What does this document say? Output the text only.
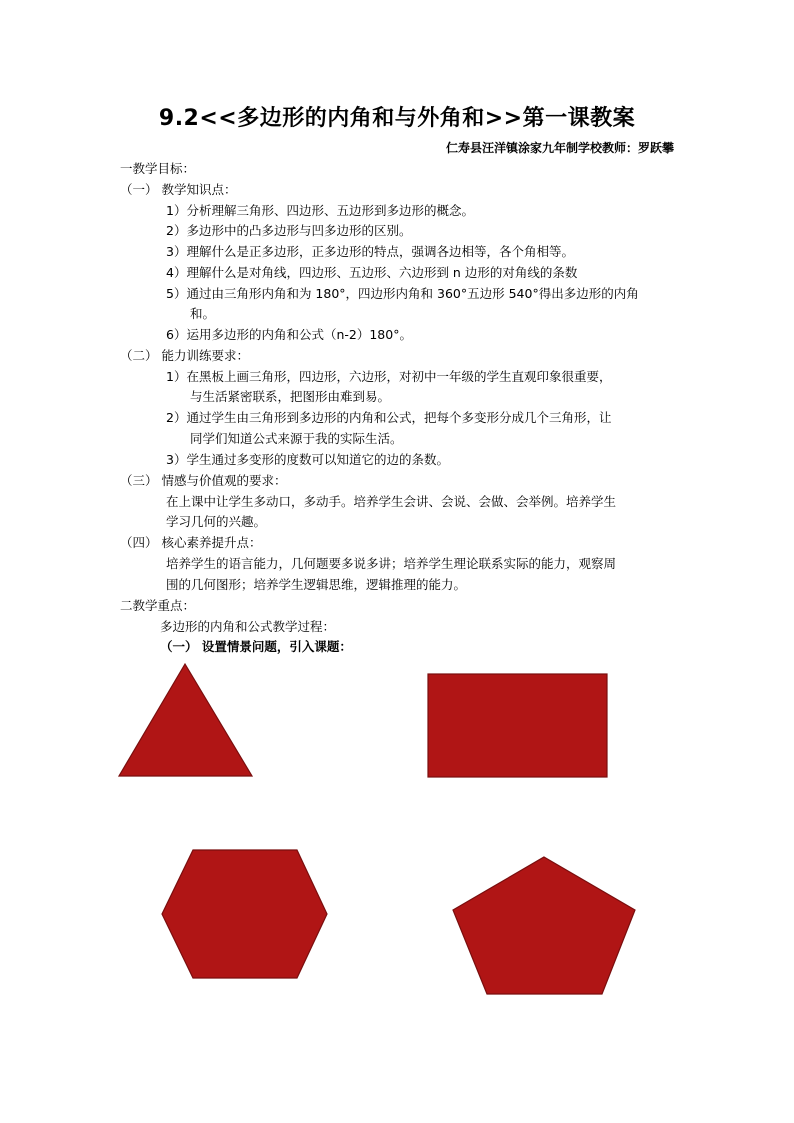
9.2<<多边形的内角和与外角和>>第一课教案
仁寿县汪洋镇涂家九年制学校教师：罗跃攀
一教学目标：
（一） 教学知识点：
1）分析理解三角形、四边形、五边形到多边形的概念。
2）多边形中的凸多边形与凹多边形的区别。
3）理解什么是正多边形，正多边形的特点，强调各边相等，各个角相等。
4）理解什么是对角线，四边形、五边形、六边形到 n 边形的对角线的条数
5）通过由三角形内角和为 180°，四边形内角和 360°五边形 540°得出多边形的内角
和。
6）运用多边形的内角和公式（n-2）180°。
（二） 能力训练要求：
1）在黑板上画三角形，四边形，六边形，对初中一年级的学生直观印象很重要，
与生活紧密联系，把图形由难到易。
2）通过学生由三角形到多边形的内角和公式，把每个多变形分成几个三角形，让
同学们知道公式来源于我的实际生活。
3）学生通过多变形的度数可以知道它的边的条数。
（三） 情感与价值观的要求：
在上课中让学生多动口，多动手。培养学生会讲、会说、会做、会举例。培养学生
学习几何的兴趣。
（四） 核心素养提升点：
培养学生的语言能力，几何题要多说多讲；培养学生理论联系实际的能力，观察周
围的几何图形；培养学生逻辑思维，逻辑推理的能力。
二教学重点：
多边形的内角和公式教学过程：
（一） 设置情景问题，引入课题：
